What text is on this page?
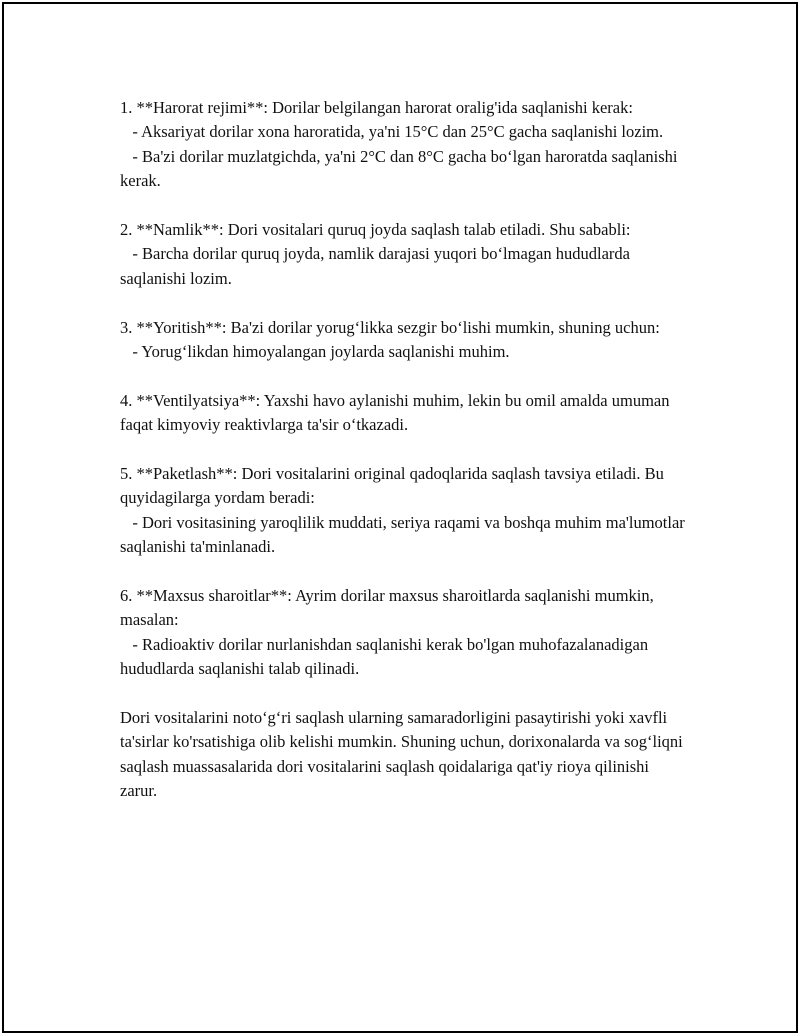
1. **Harorat rejimi**: Dorilar belgilangan harorat oralig'ida saqlanishi kerak:

- Aksariyat dorilar xona haroratida, ya'ni 15°C dan 25°C gacha saqlanishi lozim.

- Ba'zi dorilar muzlatgichda, ya'ni 2°C dan 8°C gacha boʻlgan haroratda saqlanishi kerak.

2. **Namlik**: Dori vositalari quruq joyda saqlash talab etiladi. Shu sababli:

- Barcha dorilar quruq joyda, namlik darajasi yuqori boʻlmagan hududlarda saqlanishi lozim.

3. **Yoritish**: Ba'zi dorilar yorugʻlikka sezgir boʻlishi mumkin, shuning uchun:

- Yorugʻlikdan himoyalangan joylarda saqlanishi muhim.

4. **Ventilyatsiya**: Yaxshi havo aylanishi muhim, lekin bu omil amalda umuman faqat kimyoviy reaktivlarga ta'sir oʻtkazadi.

5. **Paketlash**: Dori vositalarini original qadoqlarida saqlash tavsiya etiladi. Bu quyidagilarga yordam beradi:

- Dori vositasining yaroqlilik muddati, seriya raqami va boshqa muhim ma'lumotlar saqlanishi ta'minlanadi.

6. **Maxsus sharoitlar**: Ayrim dorilar maxsus sharoitlarda saqlanishi mumkin, masalan:

- Radioaktiv dorilar nurlanishdan saqlanishi kerak bo'lgan muhofazalanadigan hududlarda saqlanishi talab qilinadi.

Dori vositalarini notoʻgʻri saqlash ularning samaradorligini pasaytirishi yoki xavfli ta'sirlar ko'rsatishiga olib kelishi mumkin. Shuning uchun, dorixonalarda va sogʻliqni saqlash muassasalarida dori vositalarini saqlash qoidalariga qat'iy rioya qilinishi zarur.
